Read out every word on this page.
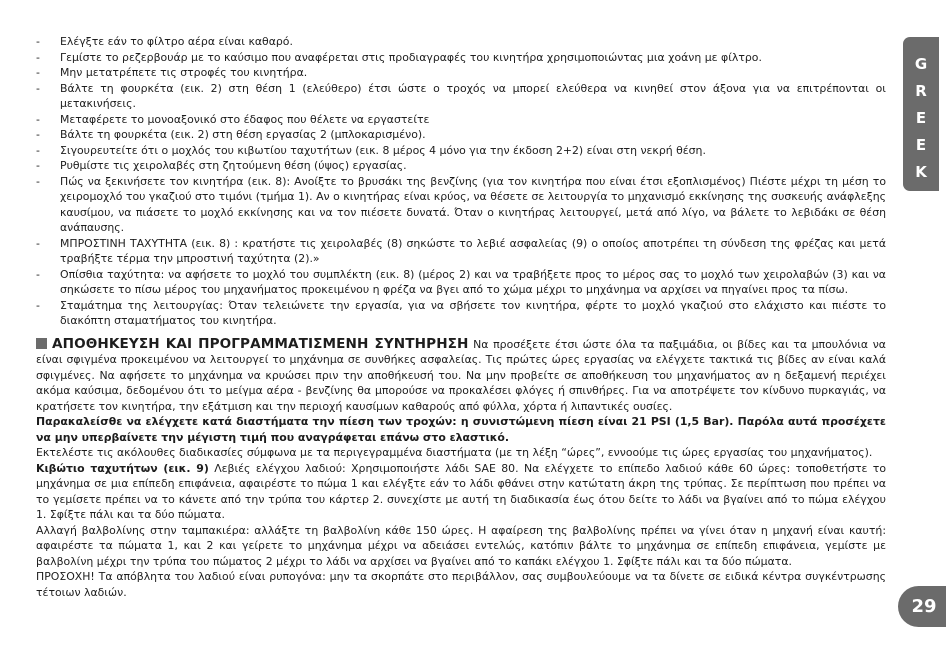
- Ελέγξτε εάν το φίλτρο αέρα είναι καθαρό.
- Γεμίστε το ρεζερβουάρ με το καύσιμο που αναφέρεται στις προδιαγραφές του κινητήρα χρησιμοποιώντας μια χοάνη με φίλτρο.
- Μην μετατρέπετε τις στροφές του κινητήρα.
- Βάλτε τη φουρκέτα (εικ. 2) στη θέση 1 (ελεύθερο) έτσι ώστε ο τροχός να μπορεί ελεύθερα να κινηθεί στον άξονα για να επιτρέπονται οι μετακινήσεις.
- Μεταφέρετε το μονοαξονικό στο έδαφος που θέλετε να εργαστείτε
- Βάλτε τη φουρκέτα (εικ. 2) στη θέση εργασίας 2 (μπλοκαρισμένο).
- Σιγουρευτείτε ότι ο μοχλός του κιβωτίου ταχυτήτων (εικ. 8 μέρος 4 μόνο για την έκδοση 2+2) είναι στη νεκρή θέση.
- Ρυθμίστε τις χειρολαβές στη ζητούμενη θέση (ύψος) εργασίας.
- Πώς να ξεκινήσετε τον κινητήρα (εικ. 8): Ανοίξτε το βρυσάκι της βενζίνης (για τον κινητήρα που είναι έτσι εξοπλισμένος) Πιέστε μέχρι τη μέση το χειρομοχλό του γκαζιού στο τιμόνι (τμήμα 1). Αν ο κινητήρας είναι κρύος, να θέσετε σε λειτουργία το μηχανισμό εκκίνησης της συσκευής ανάφλεξης καυσίμου, να πιάσετε το μοχλό εκκίνησης και να τον πιέσετε δυνατά. Όταν ο κινητήρας λειτουργεί, μετά από λίγο, να βάλετε το λεβιδάκι σε θέση ανάπαυσης.
- ΜΠΡΟΣΤΙΝΗ ΤΑΧΥΤΗΤΑ (εικ. 8) : κρατήστε τις χειρολαβές (8) σηκώστε το λεβιέ ασφαλείας (9) ο οποίος αποτρέπει τη σύνδεση της φρέζας και μετά τραβήξτε τέρμα την μπροστινή ταχύτητα (2).»
- Οπίσθια ταχύτητα: να αφήσετε το μοχλό του συμπλέκτη (εικ. 8) (μέρος 2) και να τραβήξετε προς το μέρος σας το μοχλό των χειρολαβών (3) και να σηκώσετε το πίσω μέρος του μηχανήματος προκειμένου η φρέζα να βγει από το χώμα μέχρι το μηχάνημα να αρχίσει να πηγαίνει προς τα πίσω.
- Σταμάτημα της λειτουργίας: Όταν τελειώνετε την εργασία, για να σβήσετε τον κινητήρα, φέρτε το μοχλό γκαζιού στο ελάχιστο και πιέστε το διακόπτη σταματήματος του κινητήρα.

ΑΠΟΘΗΚΕΥΣΗ ΚΑΙ ΠΡΟΓΡΑΜΜΑΤΙΣΜΕΝΗ ΣΥΝΤΗΡΗΣΗ Να προσέξετε έτσι ώστε όλα τα παξιμάδια, οι βίδες και τα μπουλόνια να είναι σφιγμένα προκειμένου να λειτουργεί το μηχάνημα σε συνθήκες ασφαλείας. Τις πρώτες ώρες εργασίας να ελέγχετε τακτικά τις βίδες αν είναι καλά σφιγμένες. Να αφήσετε το μηχάνημα να κρυώσει πριν την αποθήκευσή του. Να μην προβείτε σε αποθήκευση του μηχανήματος αν η δεξαμενή περιέχει ακόμα καύσιμα, δεδομένου ότι το μείγμα αέρα - βενζίνης θα μπορούσε να προκαλέσει φλόγες ή σπινθήρες. Για να αποτρέψετε τον κίνδυνο πυρκαγιάς, να κρατήσετε τον κινητήρα, την εξάτμιση και την περιοχή καυσίμων καθαρούς από φύλλα, χόρτα ή λιπαντικές ουσίες.

Παρακαλείσθε να ελέγχετε κατά διαστήματα την πίεση των τροχών: η συνιστώμενη πίεση είναι 21 PSI (1,5 Bar). Παρόλα αυτά προσέχετε να μην υπερβαίνετε την μέγιστη τιμή που αναγράφεται επάνω στο ελαστικό.

Εκτελέστε τις ακόλουθες διαδικασίες σύμφωνα με τα περιγεγραμμένα διαστήματα (με τη λέξη “ώρες”, εννοούμε τις ώρες εργασίας του μηχανήματος).

Κιβώτιο ταχυτήτων (εικ. 9) Λεβιές ελέγχου λαδιού: Χρησιμοποιήστε λάδι SAE 80. Να ελέγχετε το επίπεδο λαδιού κάθε 60 ώρες: τοποθετήστε το μηχάνημα σε μια επίπεδη επιφάνεια, αφαιρέστε το πώμα 1 και ελέγξτε εάν το λάδι φθάνει στην κατώτατη άκρη της τρύπας. Σε περίπτωση που πρέπει να το γεμίσετε πρέπει να το κάνετε από την τρύπα του κάρτερ 2. συνεχίστε με αυτή τη διαδικασία έως ότου δείτε το λάδι να βγαίνει από το πώμα ελέγχου 1. Σφίξτε πάλι και τα δύο πώματα.

Αλλαγή βαλβολίνης στην ταμπακιέρα: αλλάξτε τη βαλβολίνη κάθε 150 ώρες. Η αφαίρεση της βαλβολίνης πρέπει να γίνει όταν η μηχανή είναι καυτή: αφαιρέστε τα πώματα 1, και 2 και γείρετε το μηχάνημα μέχρι να αδειάσει εντελώς, κατόπιν βάλτε το μηχάνημα σε επίπεδη επιφάνεια, γεμίστε με βαλβολίνη μέχρι την τρύπα του πώματος 2 μέχρι το λάδι να αρχίσει να βγαίνει από το καπάκι ελέγχου 1. Σφίξτε πάλι και τα δύο πώματα.

ΠΡΟΣΟΧΗ! Τα απόβλητα του λαδιού είναι ρυπογόνα: μην τα σκορπάτε στο περιβάλλον, σας συμβουλεύουμε να τα δίνετε σε ειδικά κέντρα συγκέντρωσης τέτοιων λαδιών.

G
R
E
E
K
29
